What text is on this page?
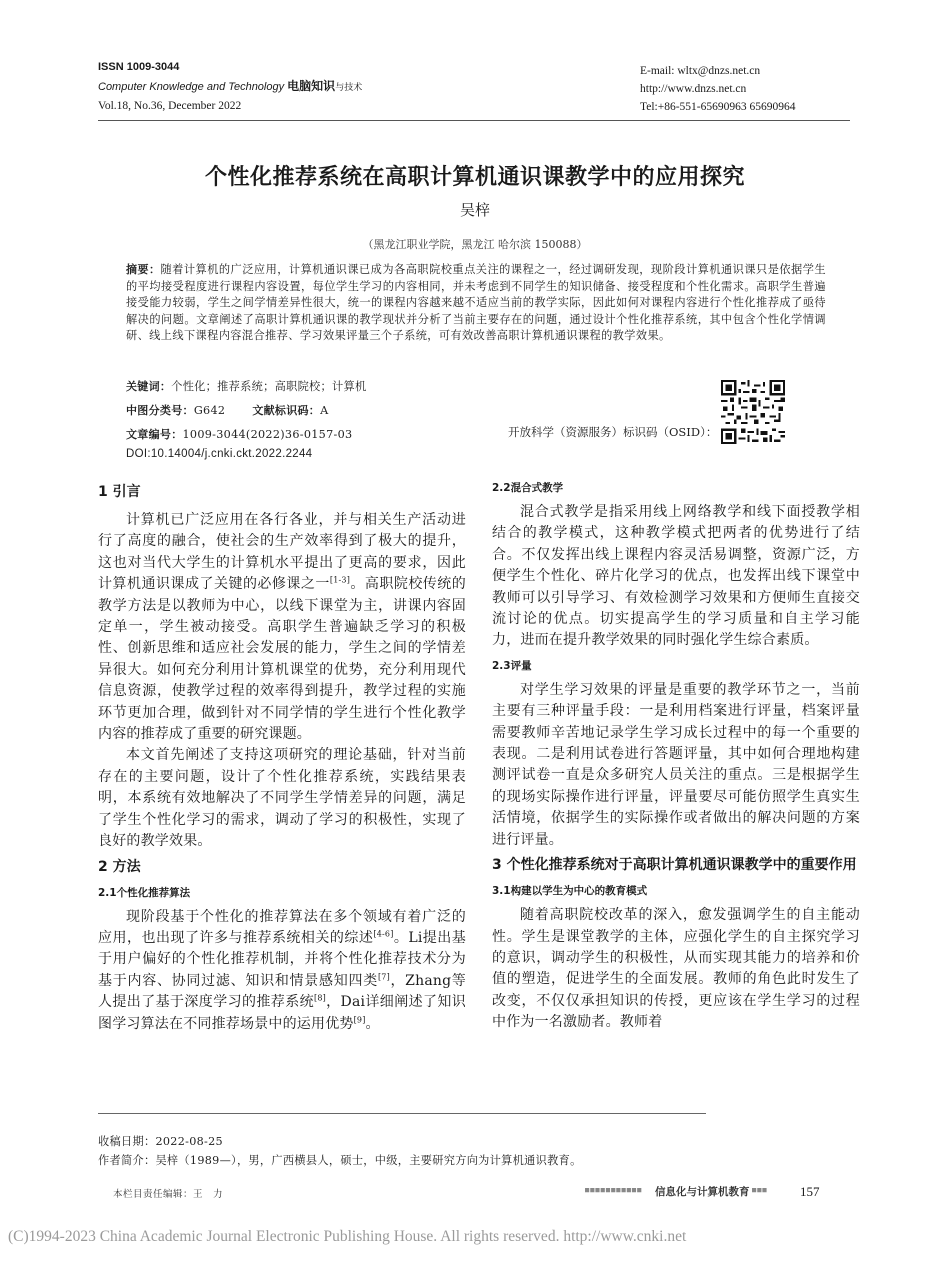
ISSN 1009-3044
Computer Knowledge and Technology 电脑知识与技术
Vol.18, No.36, December 2022
E-mail: wltx@dnzs.net.cn
http://www.dnzs.net.cn
Tel:+86-551-65690963 65690964
个性化推荐系统在高职计算机通识课教学中的应用探究
吴梓
（黑龙江职业学院，黑龙江 哈尔滨 150088）
摘要：随着计算机的广泛应用，计算机通识课已成为各高职院校重点关注的课程之一，经过调研发现，现阶段计算机通识课只是依据学生的平均接受程度进行课程内容设置，每位学生学习的内容相同，并未考虑到不同学生的知识储备、接受程度和个性化需求。高职学生普遍接受能力较弱，学生之间学情差异性很大，统一的课程内容越来越不适应当前的教学实际，因此如何对课程内容进行个性化推荐成了亟待解决的问题。文章阐述了高职计算机通识课的教学现状并分析了当前主要存在的问题，通过设计个性化推荐系统，其中包含个性化学情调研、线上线下课程内容混合推荐、学习效果评量三个子系统，可有效改善高职计算机通识课程的教学效果。
关键词：个性化；推荐系统；高职院校；计算机
中图分类号：G642 文献标识码：A
文章编号：1009-3044(2022)36-0157-03
DOI:10.14004/j.cnki.ckt.2022.2244
开放科学（资源服务）标识码（OSID）：
1 引言

计算机已广泛应用在各行各业，并与相关生产活动进行了高度的融合，使社会的生产效率得到了极大的提升，这也对当代大学生的计算机水平提出了更高的要求，因此计算机通识课成了关键的必修课之一[1-3]。高职院校传统的教学方法是以教师为中心，以线下课堂为主，讲课内容固定单一，学生被动接受。高职学生普遍缺乏学习的积极性、创新思维和适应社会发展的能力，学生之间的学情差异很大。如何充分利用计算机课堂的优势，充分利用现代信息资源，使教学过程的效率得到提升，教学过程的实施环节更加合理，做到针对不同学情的学生进行个性化教学内容的推荐成了重要的研究课题。

本文首先阐述了支持这项研究的理论基础，针对当前存在的主要问题，设计了个性化推荐系统，实践结果表明，本系统有效地解决了不同学生学情差异的问题，满足了学生个性化学习的需求，调动了学习的积极性，实现了良好的教学效果。

2 方法
2.1个性化推荐算法

现阶段基于个性化的推荐算法在多个领域有着广泛的应用，也出现了许多与推荐系统相关的综述[4-6]。Li提出基于用户偏好的个性化推荐机制，并将个性化推荐技术分为基于内容、协同过滤、知识和情景感知四类[7]，Zhang等人提出了基于深度学习的推荐系统[8]，Dai详细阐述了知识图学习算法在不同推荐场景中的运用优势[9]。

2.2混合式教学

混合式教学是指采用线上网络教学和线下面授教学相结合的教学模式，这种教学模式把两者的优势进行了结合。不仅发挥出线上课程内容灵活易调整，资源广泛，方便学生个性化、碎片化学习的优点，也发挥出线下课堂中教师可以引导学习、有效检测学习效果和方便师生直接交流讨论的优点。切实提高学生的学习质量和自主学习能力，进而在提升教学效果的同时强化学生综合素质。

2.3评量

对学生学习效果的评量是重要的教学环节之一，当前主要有三种评量手段：一是利用档案进行评量，档案评量需要教师辛苦地记录学生学习成长过程中的每一个重要的表现。二是利用试卷进行答题评量，其中如何合理地构建测评试卷一直是众多研究人员关注的重点。三是根据学生的现场实际操作进行评量，评量要尽可能仿照学生真实生活情境，依据学生的实际操作或者做出的解决问题的方案进行评量。

3 个性化推荐系统对于高职计算机通识课教学中的重要作用
3.1构建以学生为中心的教育模式

随着高职院校改革的深入，愈发强调学生的自主能动性。学生是课堂教学的主体，应强化学生的自主探究学习的意识，调动学生的积极性，从而实现其能力的培养和价值的塑造，促进学生的全面发展。教师的角色此时发生了改变，不仅仅承担知识的传授，更应该在学生学习的过程中作为一名激励者。教师着

收稿日期：2022-08-25
作者简介：吴梓（1989—），男，广西横县人，硕士，中级，主要研究方向为计算机通识教育。
本栏目责任编辑：王　力	■■■■■■■■■■■ 信息化与计算机教育 ■■■ 157
(C)1994-2023 China Academic Journal Electronic Publishing House. All rights reserved. http://www.cnki.net
